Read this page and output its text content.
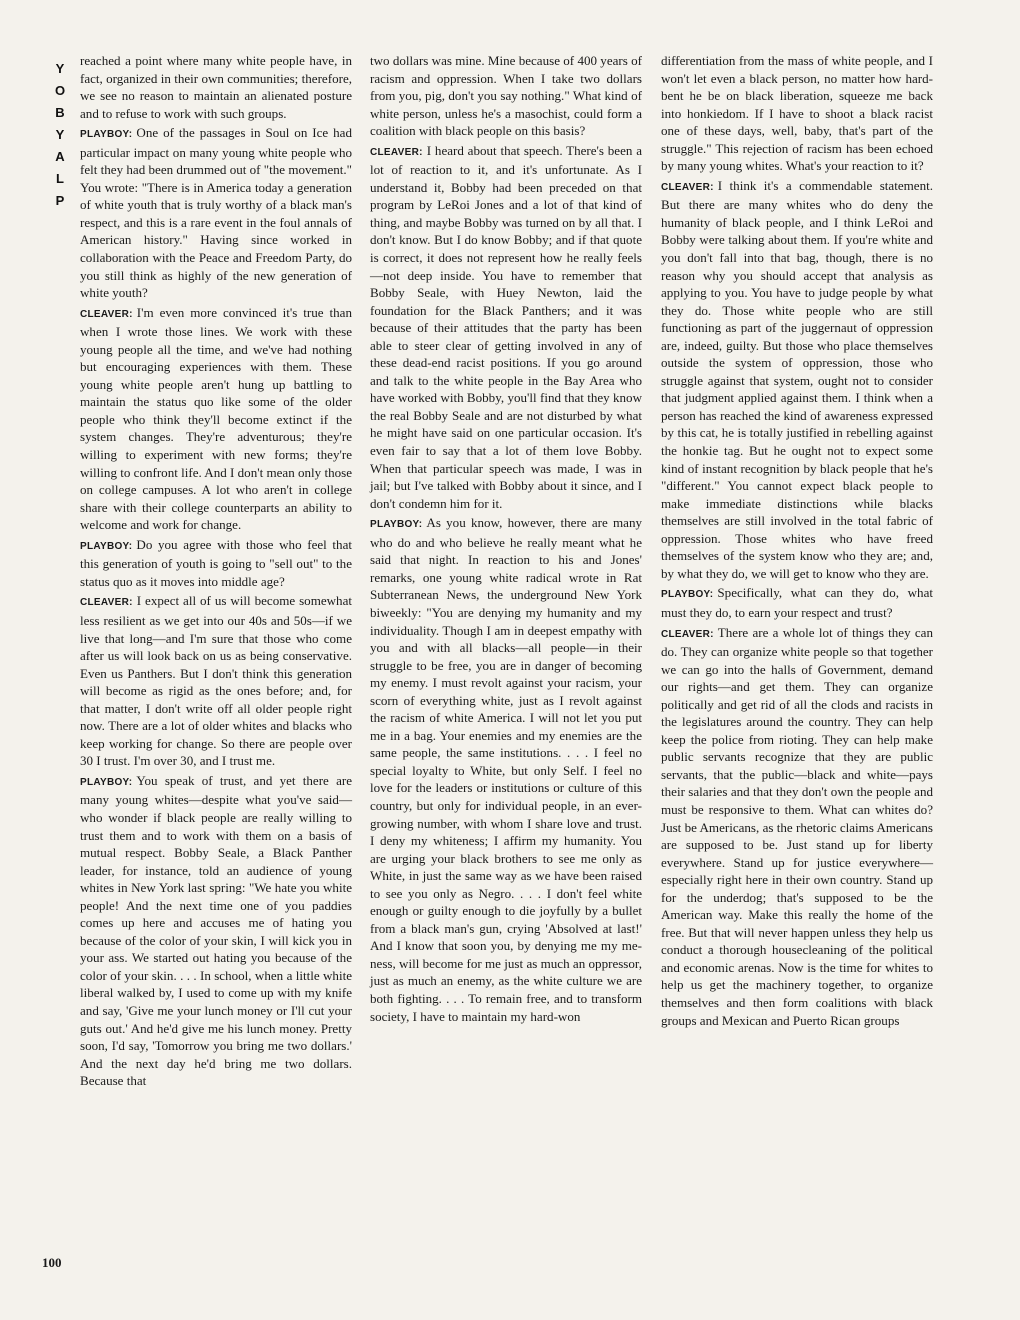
Y
O
B
Y
A
L
P

reached a point where many white people have, in fact, organized in their own communities; therefore, we see no reason to maintain an alienated posture and to refuse to work with such groups.

PLAYBOY: One of the passages in Soul on Ice had particular impact on many young white people who felt they had been drummed out of "the movement." You wrote: "There is in America today a generation of white youth that is truly worthy of a black man's respect, and this is a rare event in the foul annals of American history." Having since worked in collaboration with the Peace and Freedom Party, do you still think as highly of the new generation of white youth?

CLEAVER: I'm even more convinced it's true than when I wrote those lines. We work with these young people all the time, and we've had nothing but encouraging experiences with them. These young white people aren't hung up battling to maintain the status quo like some of the older people who think they'll become extinct if the system changes. They're adventurous; they're willing to experiment with new forms; they're willing to confront life. And I don't mean only those on college campuses. A lot who aren't in college share with their college counterparts an ability to welcome and work for change.

PLAYBOY: Do you agree with those who feel that this generation of youth is going to "sell out" to the status quo as it moves into middle age?

CLEAVER: I expect all of us will become somewhat less resilient as we get into our 40s and 50s—if we live that long—and I'm sure that those who come after us will look back on us as being conservative. Even us Panthers. But I don't think this generation will become as rigid as the ones before; and, for that matter, I don't write off all older people right now. There are a lot of older whites and blacks who keep working for change. So there are people over 30 I trust. I'm over 30, and I trust me.

PLAYBOY: You speak of trust, and yet there are many young whites—despite what you've said—who wonder if black people are really willing to trust them and to work with them on a basis of mutual respect. Bobby Seale, a Black Panther leader, for instance, told an audience of young whites in New York last spring: "We hate you white people! And the next time one of you paddies comes up here and accuses me of hating you because of the color of your skin, I will kick you in your ass. We started out hating you because of the color of your skin. . . . In school, when a little white liberal walked by, I used to come up with my knife and say, 'Give me your lunch money or I'll cut your guts out.' And he'd give me his lunch money. Pretty soon, I'd say, 'Tomorrow you bring me two dollars.' And the next day he'd bring me two dollars. Because that

two dollars was mine. Mine because of 400 years of racism and oppression. When I take two dollars from you, pig, don't you say nothing." What kind of white person, unless he's a masochist, could form a coalition with black people on this basis?

CLEAVER: I heard about that speech. There's been a lot of reaction to it, and it's unfortunate. As I understand it, Bobby had been preceded on that program by LeRoi Jones and a lot of that kind of thing, and maybe Bobby was turned on by all that. I don't know. But I do know Bobby; and if that quote is correct, it does not represent how he really feels—not deep inside. You have to remember that Bobby Seale, with Huey Newton, laid the foundation for the Black Panthers; and it was because of their attitudes that the party has been able to steer clear of getting involved in any of these dead-end racist positions. If you go around and talk to the white people in the Bay Area who have worked with Bobby, you'll find that they know the real Bobby Seale and are not disturbed by what he might have said on one particular occasion. It's even fair to say that a lot of them love Bobby. When that particular speech was made, I was in jail; but I've talked with Bobby about it since, and I don't condemn him for it.

PLAYBOY: As you know, however, there are many who do and who believe he really meant what he said that night. In reaction to his and Jones' remarks, one young white radical wrote in Rat Subterranean News, the underground New York biweekly: "You are denying my humanity and my individuality. Though I am in deepest empathy with you and with all blacks—all people—in their struggle to be free, you are in danger of becoming my enemy. I must revolt against your racism, your scorn of everything white, just as I revolt against the racism of white America. I will not let you put me in a bag. Your enemies and my enemies are the same people, the same institutions. . . . I feel no special loyalty to White, but only Self. I feel no love for the leaders or institutions or culture of this country, but only for individual people, in an ever-growing number, with whom I share love and trust. I deny my whiteness; I affirm my humanity. You are urging your black brothers to see me only as White, in just the same way as we have been raised to see you only as Negro. . . . I don't feel white enough or guilty enough to die joyfully by a bullet from a black man's gun, crying 'Absolved at last!' And I know that soon you, by denying me my me-ness, will become for me just as much an oppressor, just as much an enemy, as the white culture we are both fighting. . . . To remain free, and to transform society, I have to maintain my hard-won

differentiation from the mass of white people, and I won't let even a black person, no matter how hard-bent he be on black liberation, squeeze me back into honkiedom. If I have to shoot a black racist one of these days, well, baby, that's part of the struggle." This rejection of racism has been echoed by many young whites. What's your reaction to it?

CLEAVER: I think it's a commendable statement. But there are many whites who do deny the humanity of black people, and I think LeRoi and Bobby were talking about them. If you're white and you don't fall into that bag, though, there is no reason why you should accept that analysis as applying to you. You have to judge people by what they do. Those white people who are still functioning as part of the juggernaut of oppression are, indeed, guilty. But those who place themselves outside the system of oppression, those who struggle against that system, ought not to consider that judgment applied against them. I think when a person has reached the kind of awareness expressed by this cat, he is totally justified in rebelling against the honkie tag. But he ought not to expect some kind of instant recognition by black people that he's "different." You cannot expect black people to make immediate distinctions while blacks themselves are still involved in the total fabric of oppression. Those whites who have freed themselves of the system know who they are; and, by what they do, we will get to know who they are.

PLAYBOY: Specifically, what can they do, what must they do, to earn your respect and trust?

CLEAVER: There are a whole lot of things they can do. They can organize white people so that together we can go into the halls of Government, demand our rights—and get them. They can organize politically and get rid of all the clods and racists in the legislatures around the country. They can help keep the police from rioting. They can help make public servants recognize that they are public servants, that the public—black and white—pays their salaries and that they don't own the people and must be responsive to them. What can whites do? Just be Americans, as the rhetoric claims Americans are supposed to be. Just stand up for liberty everywhere. Stand up for justice everywhere—especially right here in their own country. Stand up for the underdog; that's supposed to be the American way. Make this really the home of the free. But that will never happen unless they help us conduct a thorough housecleaning of the political and economic arenas. Now is the time for whites to help us get the machinery together, to organize themselves and then form coalitions with black groups and Mexican and Puerto Rican groups

100
